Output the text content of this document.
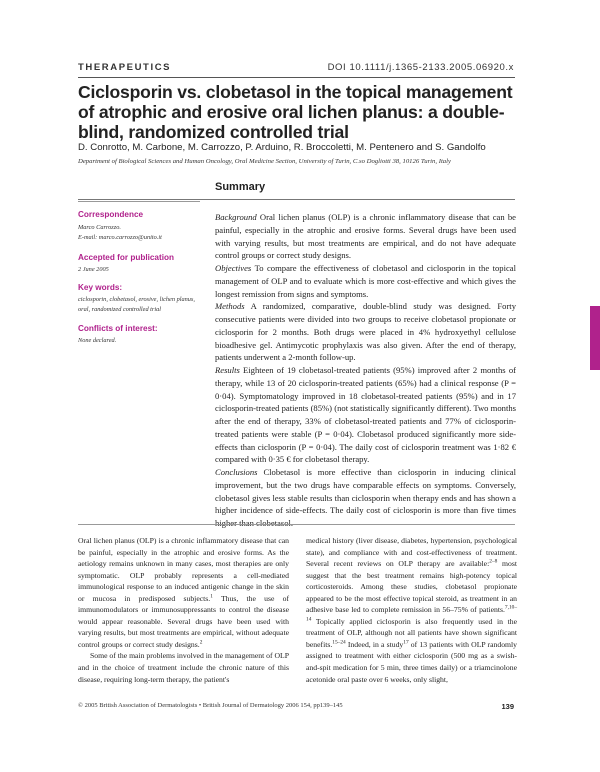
THERAPEUTICS	DOI 10.1111/j.1365-2133.2005.06920.x
Ciclosporin vs. clobetasol in the topical management of atrophic and erosive oral lichen planus: a double-blind, randomized controlled trial
D. Conrotto, M. Carbone, M. Carrozzo, P. Arduino, R. Broccoletti, M. Pentenero and S. Gandolfo
Department of Biological Sciences and Human Oncology, Oral Medicine Section, University of Turin, C.so Dogliotti 38, 10126 Turin, Italy
Summary
Correspondence
Marco Carrozzo.
E-mail: marco.carrozzo@unito.it
Accepted for publication
2 June 2005
Key words:
ciclosporin, clobetasol, erosive, lichen planus, oral, randomized controlled trial
Conflicts of interest:
None declared.

Background Oral lichen planus (OLP) is a chronic inflammatory disease that can be painful, especially in the atrophic and erosive forms. Several drugs have been used with varying results, but most treatments are empirical, and do not have adequate control groups or correct study designs.

Objectives To compare the effectiveness of clobetasol and ciclosporin in the topical management of OLP and to evaluate which is more cost-effective and which gives the longest remission from signs and symptoms.

Methods A randomized, comparative, double-blind study was designed. Forty consecutive patients were divided into two groups to receive clobetasol propionate or ciclosporin for 2 months. Both drugs were placed in 4% hydroxyethyl cellulose bioadhesive gel. Antimycotic prophylaxis was also given. After the end of therapy, patients underwent a 2-month follow-up.

Results Eighteen of 19 clobetasol-treated patients (95%) improved after 2 months of therapy, while 13 of 20 ciclosporin-treated patients (65%) had a clinical response (P = 0·04). Symptomatology improved in 18 clobetasol-treated patients (95%) and in 17 ciclosporin-treated patients (85%) (not statistically significantly different). Two months after the end of therapy, 33% of clobetasol-treated patients and 77% of ciclosporin-treated patients were stable (P = 0·04). Clobetasol produced significantly more side-effects than ciclosporin (P = 0·04). The daily cost of ciclosporin treatment was 1·82 € compared with 0·35 € for clobetasol therapy.

Conclusions Clobetasol is more effective than ciclosporin in inducing clinical improvement, but the two drugs have comparable effects on symptoms. Conversely, clobetasol gives less stable results than ciclosporin when therapy ends and has shown a higher incidence of side-effects. The daily cost of ciclosporin is more than five times higher than clobetasol.

Oral lichen planus (OLP) is a chronic inflammatory disease that can be painful, especially in the atrophic and erosive forms. As the aetiology remains unknown in many cases, most therapies are only symptomatic. OLP probably represents a cell-mediated immunological response to an induced antigenic change in the skin or mucosa in predisposed subjects.$^1$ Thus, the use of immunomodulators or immunosuppressants to control the disease would appear reasonable. Several drugs have been used with varying results, but most treatments are empirical, without adequate control groups or correct study designs.$^2$

Some of the main problems involved in the management of OLP and in the choice of treatment include the chronic nature of this disease, requiring long-term therapy, the patient's

medical history (liver disease, diabetes, hypertension, psychological state), and compliance with and cost-effectiveness of treatment. Several recent reviews on OLP therapy are available:$^{2-8}$ most suggest that the best treatment remains high-potency topical corticosteroids. Among these studies, clobetasol propionate appeared to be the most effective topical steroid, as treatment in an adhesive base led to complete remission in 56–75% of patients.$^{7,10-14}$ Topically applied ciclosporin is also frequently used in the treatment of OLP, although not all patients have shown significant benefits.$^{15-24}$ Indeed, in a study$^{17}$ of 13 patients with OLP randomly assigned to treatment with either ciclosporin (500 mg as a swish-and-spit medication for 5 min, three times daily) or a triamcinolone acetonide oral paste over 6 weeks, only slight,

© 2005 British Association of Dermatologists • British Journal of Dermatology 2006 154, pp139–145	139
